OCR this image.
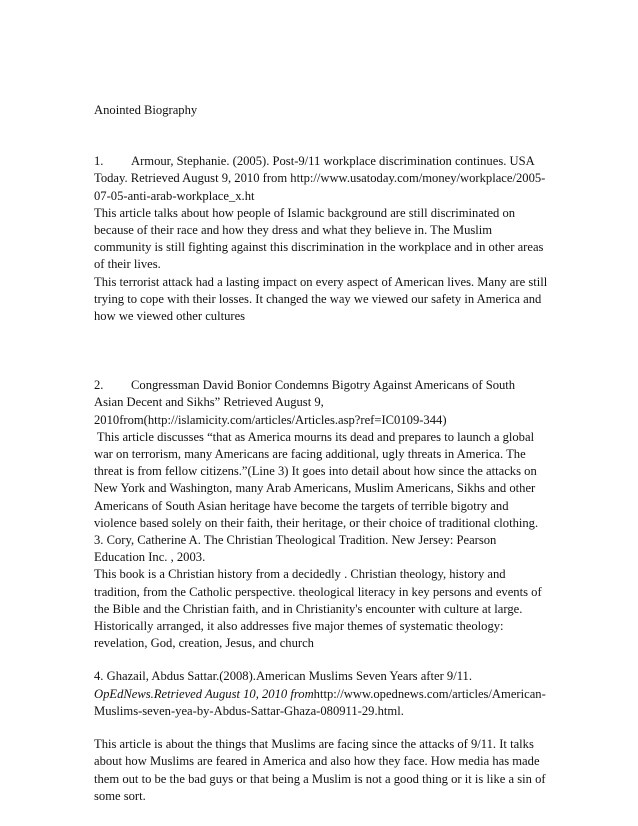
Anointed Biography
1. Armour, Stephanie. (2005). Post-9/11 workplace discrimination continues. USA
Today. Retrieved August 9, 2010 from http://www.usatoday.com/money/workplace/2005-
07-05-anti-arab-workplace_x.ht
This article talks about how people of Islamic background are still discriminated on
because of their race and how they dress and what they believe in. The Muslim
community is still fighting against this discrimination in the workplace and in other areas
of their lives.
This terrorist attack had a lasting impact on every aspect of American lives. Many are still
trying to cope with their losses. It changed the way we viewed our safety in America and
how we viewed other cultures
2. Congressman David Bonior Condemns Bigotry Against Americans of South
Asian Decent and Sikhs” Retrieved August 9,
2010from(http://islamicity.com/articles/Articles.asp?ref=IC0109-344)
This article discusses “that as America mourns its dead and prepares to launch a global
war on terrorism, many Americans are facing additional, ugly threats in America. The
threat is from fellow citizens.”(Line 3) It goes into detail about how since the attacks on
New York and Washington, many Arab Americans, Muslim Americans, Sikhs and other
Americans of South Asian heritage have become the targets of terrible bigotry and
violence based solely on their faith, their heritage, or their choice of traditional clothing.
3. Cory, Catherine A. The Christian Theological Tradition. New Jersey: Pearson
Education Inc. , 2003.
This book is a Christian history from a decidedly . Christian theology, history and
tradition, from the Catholic perspective. theological literacy in key persons and events of
the Bible and the Christian faith, and in Christianity's encounter with culture at large.
Historically arranged, it also addresses five major themes of systematic theology:
revelation, God, creation, Jesus, and church
4. Ghazail, Abdus Sattar.(2008).American Muslims Seven Years after 9/11.
OpEdNews.Retrieved August 10, 2010 fromhttp://www.opednews.com/articles/American-
Muslims-seven-yea-by-Abdus-Sattar-Ghaza-080911-29.html.
This article is about the things that Muslims are facing since the attacks of 9/11. It talks
about how Muslims are feared in America and also how they face. How media has made
them out to be the bad guys or that being a Muslim is not a good thing or it is like a sin of
some sort.
